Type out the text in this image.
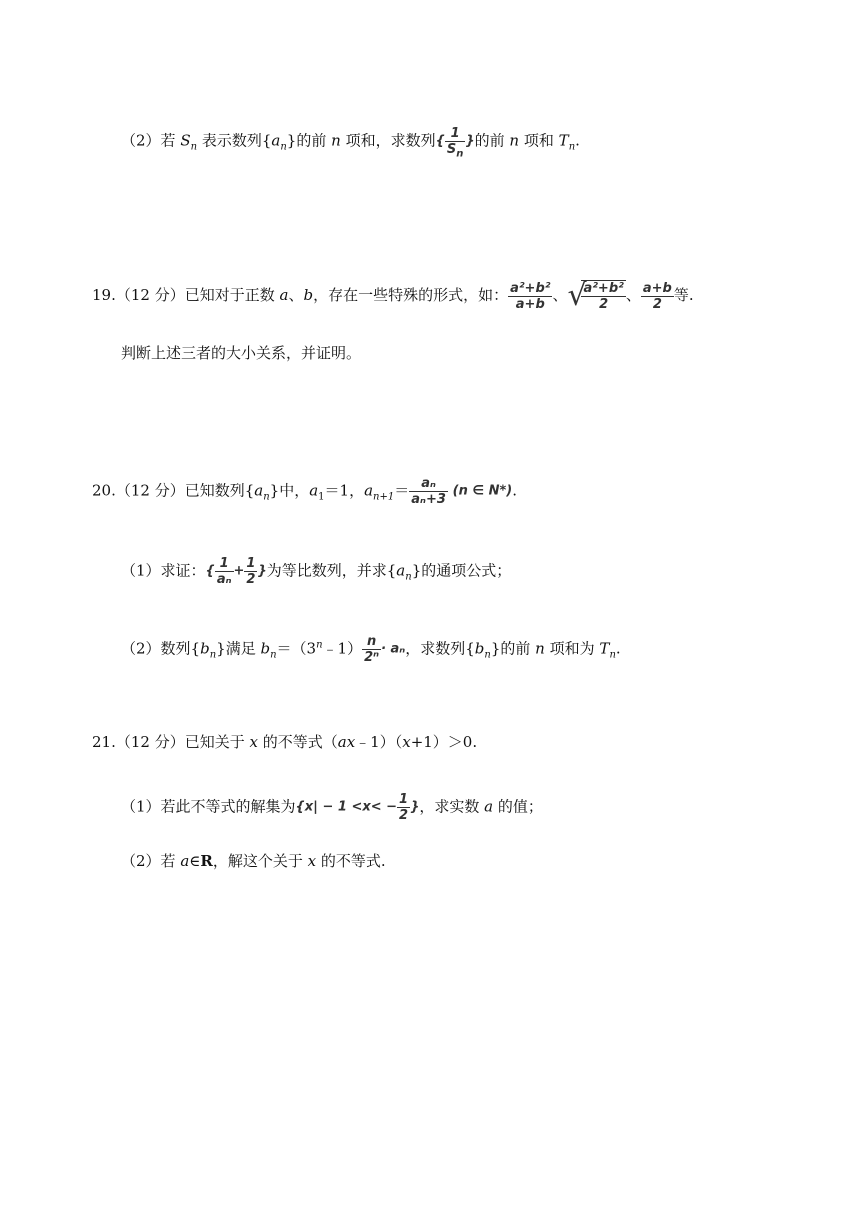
（2）若 $S_n$ 表示数列$\{a_n\}$的前 n 项和，求数列{ $\frac{1}{S_n}$ }的前 n 项和 $T_n$.
19.（12 分）已知对于正数 a、b，存在一些特殊的形式，如： $\frac{\text{a²+b²}}{a+b}$ 、 √
$\frac{\text{a²+b²}}{2}$ 、 $\frac{a+b}{2}$ 等.
判断上述三者的大小关系，并证明。
20.（12 分）已知数列$\{a_n\}$中，$a_1=1$，$a_{n+1}= \frac{\text{aₙ}}{\text{aₙ+3}} (n$ ∈ N*).
（1）求证：{ $\frac{1}{\text{aₙ}} + \frac{1}{2}$ }为等比数列，并求$\{a_n\}$的通项公式；
（2）数列$\{b_n\}$满足 $b_n=(3^n﹣1) \frac{n}{\text{2ⁿ}} \cdot a_n$，求数列$\{b_n\}$的前 n 项和为 $T_n$.
21.（12 分）已知关于 x 的不等式（ax﹣1）（x+1）＞0.
（1）若此不等式的解集为{$x| - 1 <x< - \frac{1}{2}$ }，求实数 a 的值；
（2）若 a∈R，解这个关于 x 的不等式.
